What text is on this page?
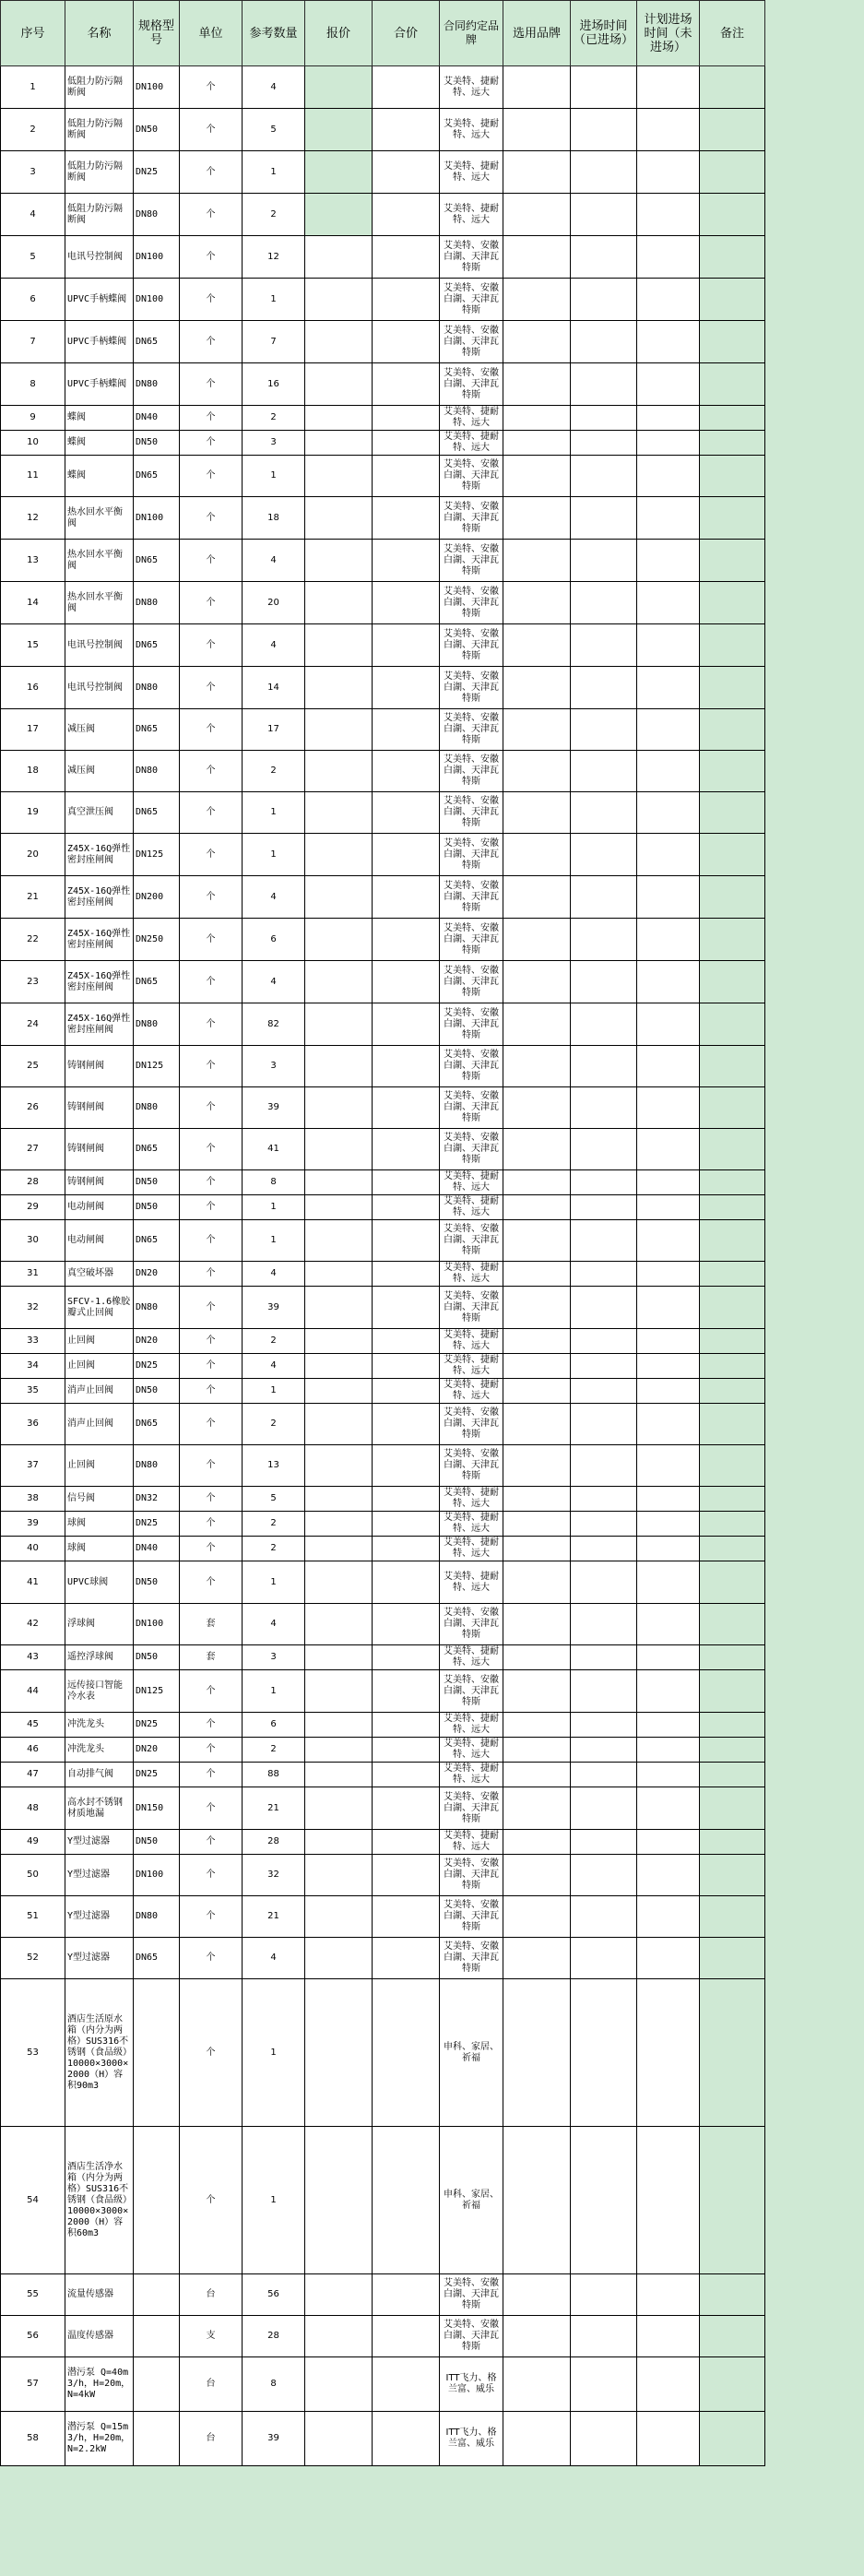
序号	名称	规格型号	单位	参考数量	报价	合价	合同约定品牌	选用品牌	进场时间（已进场）	计划进场时间（未进场）	备注
1	低阻力防污隔断阀	DN100	个	4			艾美特、捷耐特、远大				
2	低阻力防污隔断阀	DN50	个	5			艾美特、捷耐特、远大				
3	低阻力防污隔断阀	DN25	个	1			艾美特、捷耐特、远大				
4	低阻力防污隔断阀	DN80	个	2			艾美特、捷耐特、远大				
5	电讯号控制阀	DN100	个	12			艾美特、安徽白湖、天津瓦特斯				
6	UPVC手柄蝶阀	DN100	个	1			艾美特、安徽白湖、天津瓦特斯				
7	UPVC手柄蝶阀	DN65	个	7			艾美特、安徽白湖、天津瓦特斯				
8	UPVC手柄蝶阀	DN80	个	16			艾美特、安徽白湖、天津瓦特斯				
9	蝶阀	DN40	个	2			艾美特、捷耐特、远大				
10	蝶阀	DN50	个	3			艾美特、捷耐特、远大				
11	蝶阀	DN65	个	1			艾美特、安徽白湖、天津瓦特斯				
12	热水回水平衡阀	DN100	个	18			艾美特、安徽白湖、天津瓦特斯				
13	热水回水平衡阀	DN65	个	4			艾美特、安徽白湖、天津瓦特斯				
14	热水回水平衡阀	DN80	个	20			艾美特、安徽白湖、天津瓦特斯				
15	电讯号控制阀	DN65	个	4			艾美特、安徽白湖、天津瓦特斯				
16	电讯号控制阀	DN80	个	14			艾美特、安徽白湖、天津瓦特斯				
17	减压阀	DN65	个	17			艾美特、安徽白湖、天津瓦特斯				
18	减压阀	DN80	个	2			艾美特、安徽白湖、天津瓦特斯				
19	真空泄压阀	DN65	个	1			艾美特、安徽白湖、天津瓦特斯				
20	Z45X-16Q弹性密封座闸阀	DN125	个	1			艾美特、安徽白湖、天津瓦特斯				
21	Z45X-16Q弹性密封座闸阀	DN200	个	4			艾美特、安徽白湖、天津瓦特斯				
22	Z45X-16Q弹性密封座闸阀	DN250	个	6			艾美特、安徽白湖、天津瓦特斯				
23	Z45X-16Q弹性密封座闸阀	DN65	个	4			艾美特、安徽白湖、天津瓦特斯				
24	Z45X-16Q弹性密封座闸阀	DN80	个	82			艾美特、安徽白湖、天津瓦特斯				
25	铸钢闸阀	DN125	个	3			艾美特、安徽白湖、天津瓦特斯				
26	铸钢闸阀	DN80	个	39			艾美特、安徽白湖、天津瓦特斯				
27	铸钢闸阀	DN65	个	41			艾美特、安徽白湖、天津瓦特斯				
28	铸钢闸阀	DN50	个	8			艾美特、捷耐特、远大				
29	电动闸阀	DN50	个	1			艾美特、捷耐特、远大				
30	电动闸阀	DN65	个	1			艾美特、安徽白湖、天津瓦特斯				
31	真空破坏器	DN20	个	4			艾美特、捷耐特、远大				
32	SFCV-1.6橡胶瓣式止回阀	DN80	个	39			艾美特、安徽白湖、天津瓦特斯				
33	止回阀	DN20	个	2			艾美特、捷耐特、远大				
34	止回阀	DN25	个	4			艾美特、捷耐特、远大				
35	消声止回阀	DN50	个	1			艾美特、捷耐特、远大				
36	消声止回阀	DN65	个	2			艾美特、安徽白湖、天津瓦特斯				
37	止回阀	DN80	个	13			艾美特、安徽白湖、天津瓦特斯				
38	信号阀	DN32	个	5			艾美特、捷耐特、远大				
39	球阀	DN25	个	2			艾美特、捷耐特、远大				
40	球阀	DN40	个	2			艾美特、捷耐特、远大				
41	UPVC球阀	DN50	个	1			艾美特、捷耐特、远大				
42	浮球阀	DN100	套	4			艾美特、安徽白湖、天津瓦特斯				
43	遥控浮球阀	DN50	套	3			艾美特、捷耐特、远大				
44	远传接口智能冷水表	DN125	个	1			艾美特、安徽白湖、天津瓦特斯				
45	冲洗龙头	DN25	个	6			艾美特、捷耐特、远大				
46	冲洗龙头	DN20	个	2			艾美特、捷耐特、远大				
47	自动排气阀	DN25	个	88			艾美特、捷耐特、远大				
48	高水封不锈钢材质地漏	DN150	个	21			艾美特、安徽白湖、天津瓦特斯				
49	Y型过滤器	DN50	个	28			艾美特、捷耐特、远大				
50	Y型过滤器	DN100	个	32			艾美特、安徽白湖、天津瓦特斯				
51	Y型过滤器	DN80	个	21			艾美特、安徽白湖、天津瓦特斯				
52	Y型过滤器	DN65	个	4			艾美特、安徽白湖、天津瓦特斯				
53	酒店生活原水箱（内分为两格）SUS316不锈钢（食品级）10000×3000×2000（H）容积90m3		个	1			申科、家居、祈福				
54	酒店生活净水箱（内分为两格）SUS316不锈钢（食品级）10000×3000×2000（H）容积60m3		个	1			申科、家居、祈福				
55	流量传感器		台	56			艾美特、安徽白湖、天津瓦特斯				
56	温度传感器		支	28			艾美特、安徽白湖、天津瓦特斯				
57	潜污泵 Q=40m3/h，H=20m，N=4kW		台	8			ITT飞力、格兰富、威乐				
58	潜污泵 Q=15m3/h，H=20m，N=2.2kW		台	39			ITT飞力、格兰富、威乐				
